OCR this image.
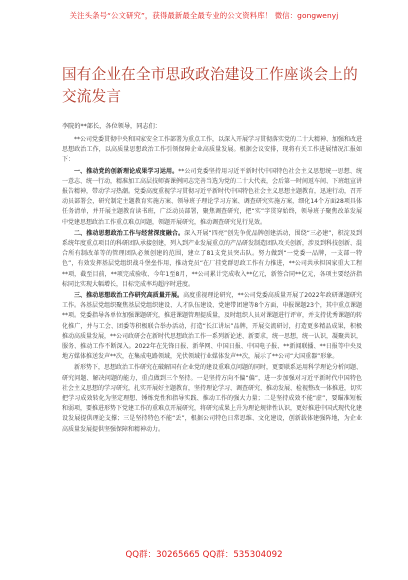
关注头条号“公文研究”，获得最新最全最专业的公文资料库！ 微信：gongwenyj
国有企业在全市思政政治建设工作座谈会上的交流发言
李院的**部长，各位领导，同志们：

**公司党委贯彻中央和国家安全工作部署为重点工作，以深入开展学习贯彻落实党的二十大精神、加强和改进思想政治工作，以高质量思想政治工作引领保障企业高质量发展。根据会议安排，现将有关工作进展情况汇报如下：

一、推动党的创新理论成果学习运用。**公司党委坚持用习近平新时代中国特色社会主义思想统一思想、统一意志、统一行动，精准加工高层技师赛课例同志完善当选为党的二十大代表，会后第一时间返车间、下班组宣讲报告精神，带动学习热潮。党委高度重视学习贯彻习近平新时代中国特色社会主义思想主题教育，迅速行动，召开动员部署会，研究制定主题教育实施方案、领导班子理论学习方案、调查研究实施方案，细化14个方面28项具体任务清单，并开展主题教育读书班，广泛动员部署，聚焦调查研究，把“实”字贯穿始终，领导班子聚焦改革发展中党建思想政治工作重点难点问题，领题开展研究，推动调查研究见行见效。

二、推动思想政治工作与经营深度融合。深入开展“四亮”创先争优品牌创建活动，围绕“三必建”，积淀及到系统年度重点项目的科研团队承接创建，列入到产业发展重点的产品研发制造团队攻关创新，涉及到科技创新、混合所有制改革等的管理团队必须创建的范围，建立了81支党员突击队。努力做到“一党委一品牌，一支部一特色”，有效发挥基层党组织战斗堡垒作用，推动党员“在厂挂党群思政工作有力推进，**公司共承担国家重大工程**项，截至目前，**项完成验收、今年1至8月，**公司累计完成收入**亿元，新签合同**亿元，各项主要经济指标同比实现大幅增长，目标完成率均超序时进度。

三、推动思想政治工作研究高质量开展。高度重视理论研究，**公司党委高质量开展了2022年政研课题研究工作。各基层党组织聚焦基层党组织建设、人才队伍建设、党建带团建等8个方面，申报课题23个，其中重点课题**项。党委指导各单位加强课题研究，推进课题管理提质量，及时组织人员对课题进行评审，并支持优秀课题的转化推广，并与工会、团委等积极联合举办活动，打造“长江讲坛”品牌，开展交流研讨，打造更多精品成果，积极推动高质量发展，**公司政研会在新时代思想政治工作一系列新论述、新要求，统一思想，统一认识，凝聚共识，服务、推动工作不断深入。2022年在先锋日报、新华网、中国日报、中国电子报、**新闻联播、**日报等中央及地方媒体推送发声**次，在集成电路领域，光伏领域行业媒体发声**次，展示了**公司“大国重器”形象。

新形势下，思想政治工作研究在破解国有企业党的建设重难点问题的同时，更要联系运用科学理论分析问题、研究问题、解决问题的能力，重点做到三个坚持。一是坚持方向不偏“偏”，进一步加强对习近平新时代中国特色社会主义思想的学习研究，扎实开展好主题教育，坚持理论学习、调查研究、推动发展、检视整改一体推进，切实把学习成效转化为坚定理想、锤炼党性和指导实践、推动工作的强大力量；二是坚持成效不能“虚”，要瞄准短板和弱项，要推进形势下党建工作的重难点开展研究，将研究成果上升为理论规律性认识，更好推进中国式现代化建设发展提供理论支撑；三是坚持特色不能“丢”，根据公司特色日常思维、文化建设，创新载体建强阵地，为企业高质量发展提供坚强保障和精神动力。

QQ群：30265665 QQ群：535304092
